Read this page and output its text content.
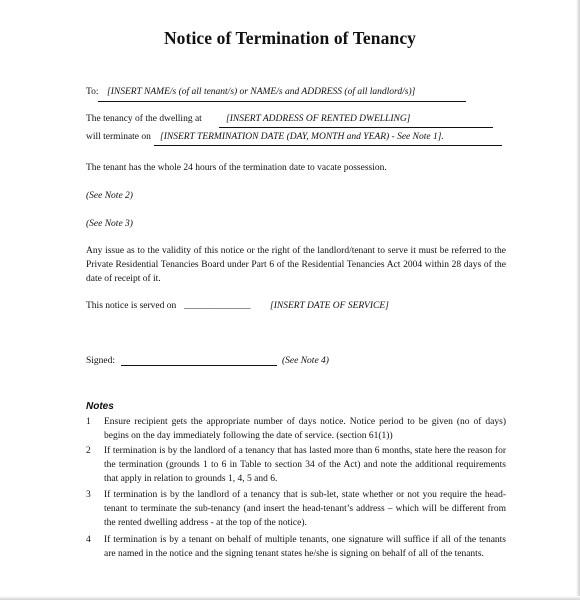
Notice of Termination of Tenancy
To: [INSERT NAME/s (of all tenant/s) or NAME/s and ADDRESS (of all landlord/s)]
The tenancy of the dwelling at	[INSERT ADDRESS OF RENTED DWELLING]
will terminate on [INSERT TERMINATION DATE (DAY, MONTH and YEAR) - See Note 1].
The tenant has the whole 24 hours of the termination date to vacate possession.
(See Note 2)
(See Note 3)
Any issue as to the validity of this notice or the right of the landlord/tenant to serve it must be referred to the Private Residential Tenancies Board under Part 6 of the Residential Tenancies Act 2004 within 28 days of the date of receipt of it.
This notice is served on ______________ [INSERT DATE OF SERVICE]
Signed:	(See Note 4)
Notes
1 Ensure recipient gets the appropriate number of days notice. Notice period to be given (no of days) begins on the day immediately following the date of service. (section 61(1))
2 If termination is by the landlord of a tenancy that has lasted more than 6 months, state here the reason for the termination (grounds 1 to 6 in Table to section 34 of the Act) and note the additional requirements that apply in relation to grounds 1, 4, 5 and 6.
3 If termination is by the landlord of a tenancy that is sub-let, state whether or not you require the head-tenant to terminate the sub-tenancy (and insert the head-tenant’s address – which will be different from the rented dwelling address - at the top of the notice).
4 If termination is by a tenant on behalf of multiple tenants, one signature will suffice if all of the tenants are named in the notice and the signing tenant states he/she is signing on behalf of all of the tenants.
